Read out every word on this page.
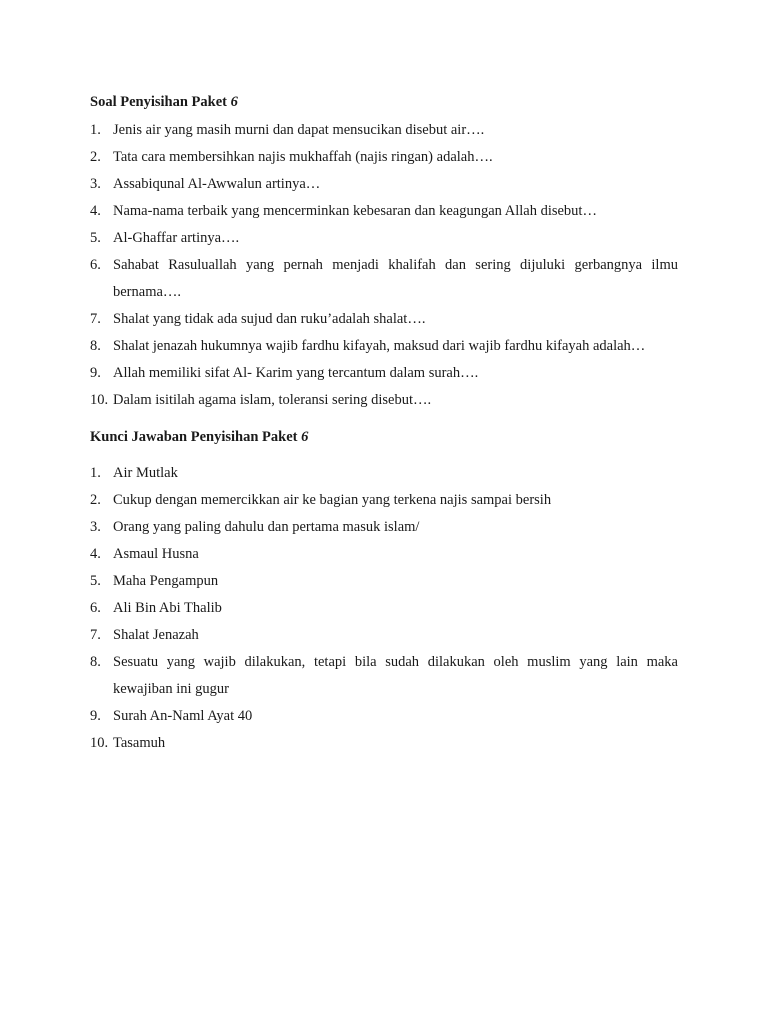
Soal Penyisihan Paket 6
1. Jenis air yang masih murni dan dapat mensucikan disebut air….
2. Tata cara membersihkan najis mukhaffah (najis ringan) adalah….
3. Assabiqunal Al-Awwalun artinya…
4. Nama-nama terbaik yang mencerminkan kebesaran dan keagungan Allah disebut…
5. Al-Ghaffar artinya….
6. Sahabat Rasuluallah yang pernah menjadi khalifah dan sering dijuluki gerbangnya ilmu bernama….
7. Shalat yang tidak ada sujud dan ruku’adalah shalat….
8. Shalat jenazah hukumnya wajib fardhu kifayah, maksud dari wajib fardhu kifayah adalah…
9. Allah memiliki sifat Al- Karim yang tercantum dalam surah….
10. Dalam isitilah agama islam, toleransi sering disebut….
Kunci Jawaban Penyisihan Paket 6
1. Air Mutlak
2. Cukup dengan memercikkan air ke bagian yang terkena najis sampai bersih
3. Orang yang paling dahulu dan pertama masuk islam/
4. Asmaul Husna
5. Maha Pengampun
6. Ali Bin Abi Thalib
7. Shalat Jenazah
8. Sesuatu yang wajib dilakukan, tetapi bila sudah dilakukan oleh muslim yang lain maka kewajiban ini gugur
9. Surah An-Naml Ayat 40
10. Tasamuh
